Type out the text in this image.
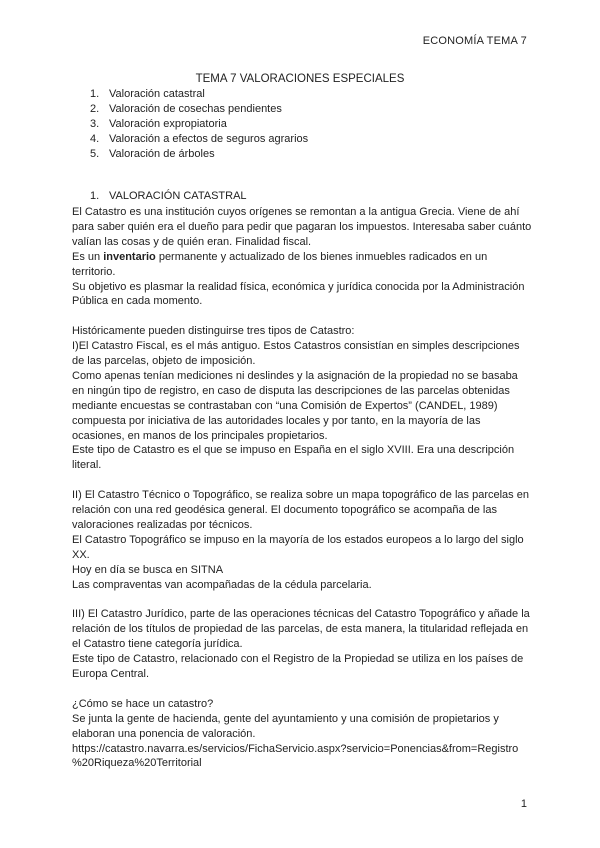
ECONOMÍA TEMA 7
TEMA 7 VALORACIONES ESPECIALES
1. Valoración catastral
2. Valoración de cosechas pendientes
3. Valoración expropiatoria
4. Valoración a efectos de seguros agrarios
5. Valoración de árboles
1. VALORACIÓN CATASTRAL

El Catastro es una institución cuyos orígenes se remontan a la antigua Grecia. Viene de ahí para saber quién era el dueño para pedir que pagaran los impuestos. Interesaba saber cuánto valían las cosas y de quién eran. Finalidad fiscal.

Es un inventario permanente y actualizado de los bienes inmuebles radicados en un territorio.

Su objetivo es plasmar la realidad física, económica y jurídica conocida por la Administración Pública en cada momento.

Históricamente pueden distinguirse tres tipos de Catastro:

I)El Catastro Fiscal, es el más antiguo. Estos Catastros consistían en simples descripciones de las parcelas, objeto de imposición.

Como apenas tenían mediciones ni deslindes y la asignación de la propiedad no se basaba en ningún tipo de registro, en caso de disputa las descripciones de las parcelas obtenidas mediante encuestas se contrastaban con “una Comisión de Expertos” (CANDEL, 1989) compuesta por iniciativa de las autoridades locales y por tanto, en la mayoría de las ocasiones, en manos de los principales propietarios.

Este tipo de Catastro es el que se impuso en España en el siglo XVIII. Era una descripción literal.

II) El Catastro Técnico o Topográfico, se realiza sobre un mapa topográfico de las parcelas en relación con una red geodésica general. El documento topográfico se acompaña de las valoraciones realizadas por técnicos.

El Catastro Topográfico se impuso en la mayoría de los estados europeos a lo largo del siglo XX.

Hoy en día se busca en SITNA

Las compraventas van acompañadas de la cédula parcelaria.

III) El Catastro Jurídico, parte de las operaciones técnicas del Catastro Topográfico y añade la relación de los títulos de propiedad de las parcelas, de esta manera, la titularidad reflejada en el Catastro tiene categoría jurídica.

Este tipo de Catastro, relacionado con el Registro de la Propiedad se utiliza en los países de Europa Central.

¿Cómo se hace un catastro?

Se junta la gente de hacienda, gente del ayuntamiento y una comisión de propietarios y elaboran una ponencia de valoración.

https://catastro.navarra.es/servicios/FichaServicio.aspx?servicio=Ponencias&from=Registro

%20Riqueza%20Territorial

1
